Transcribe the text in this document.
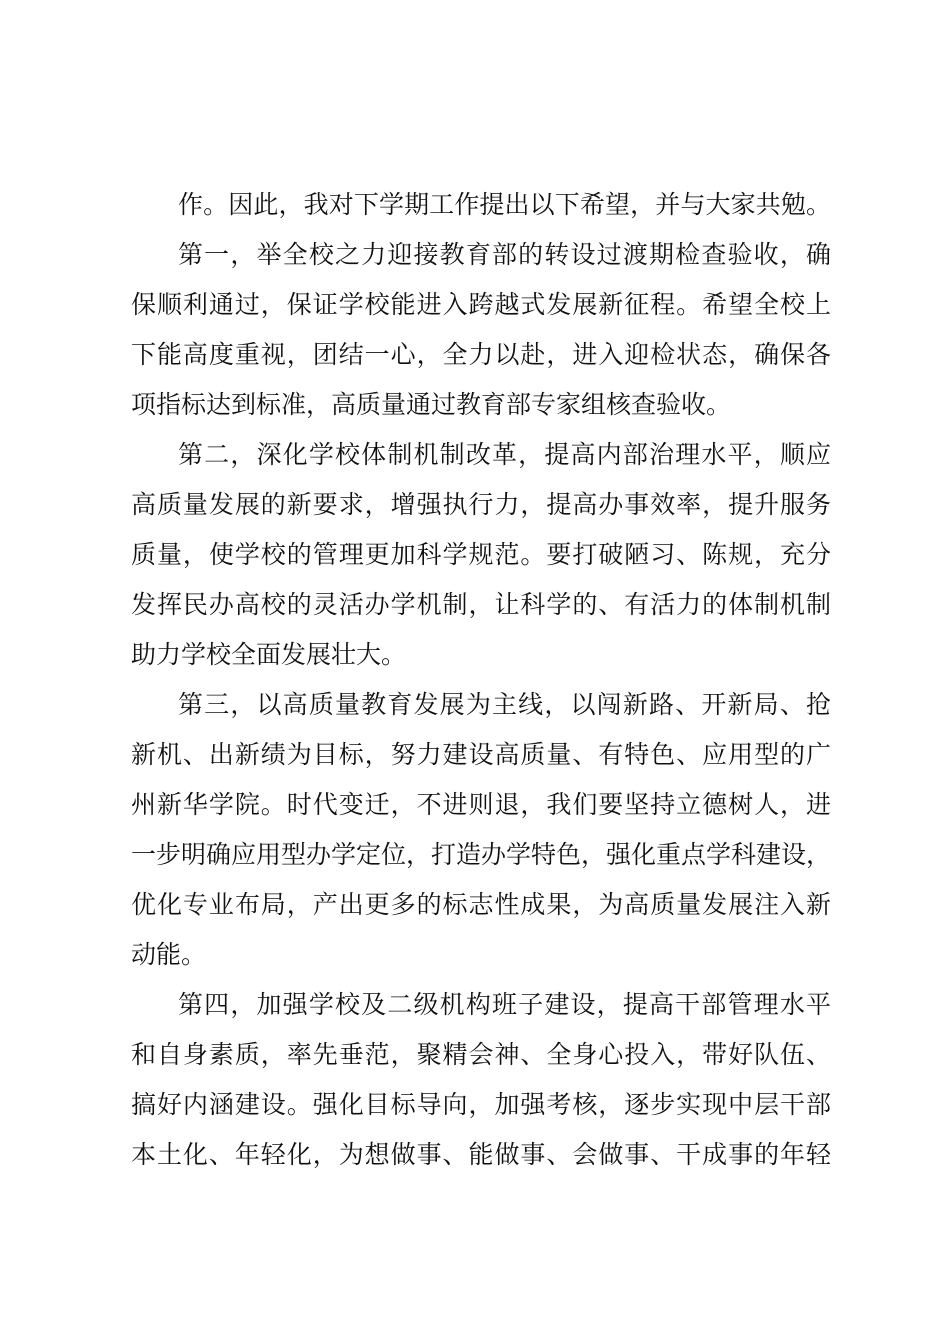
作。因此，我对下学期工作提出以下希望，并与大家共勉。
第一，举全校之力迎接教育部的转设过渡期检查验收，确
保顺利通过，保证学校能进入跨越式发展新征程。希望全校上
下能高度重视，团结一心，全力以赴，进入迎检状态，确保各
项指标达到标准，高质量通过教育部专家组核查验收。
第二，深化学校体制机制改革，提高内部治理水平，顺应
高质量发展的新要求，增强执行力，提高办事效率，提升服务
质量，使学校的管理更加科学规范。要打破陋习、陈规，充分
发挥民办高校的灵活办学机制，让科学的、有活力的体制机制
助力学校全面发展壮大。
第三，以高质量教育发展为主线，以闯新路、开新局、抢
新机、出新绩为目标，努力建设高质量、有特色、应用型的广
州新华学院。时代变迁，不进则退，我们要坚持立德树人，进
一步明确应用型办学定位，打造办学特色，强化重点学科建设，
优化专业布局，产出更多的标志性成果，为高质量发展注入新
动能。
第四，加强学校及二级机构班子建设，提高干部管理水平
和自身素质，率先垂范，聚精会神、全身心投入，带好队伍、
搞好内涵建设。强化目标导向，加强考核，逐步实现中层干部
本土化、年轻化，为想做事、能做事、会做事、干成事的年轻
